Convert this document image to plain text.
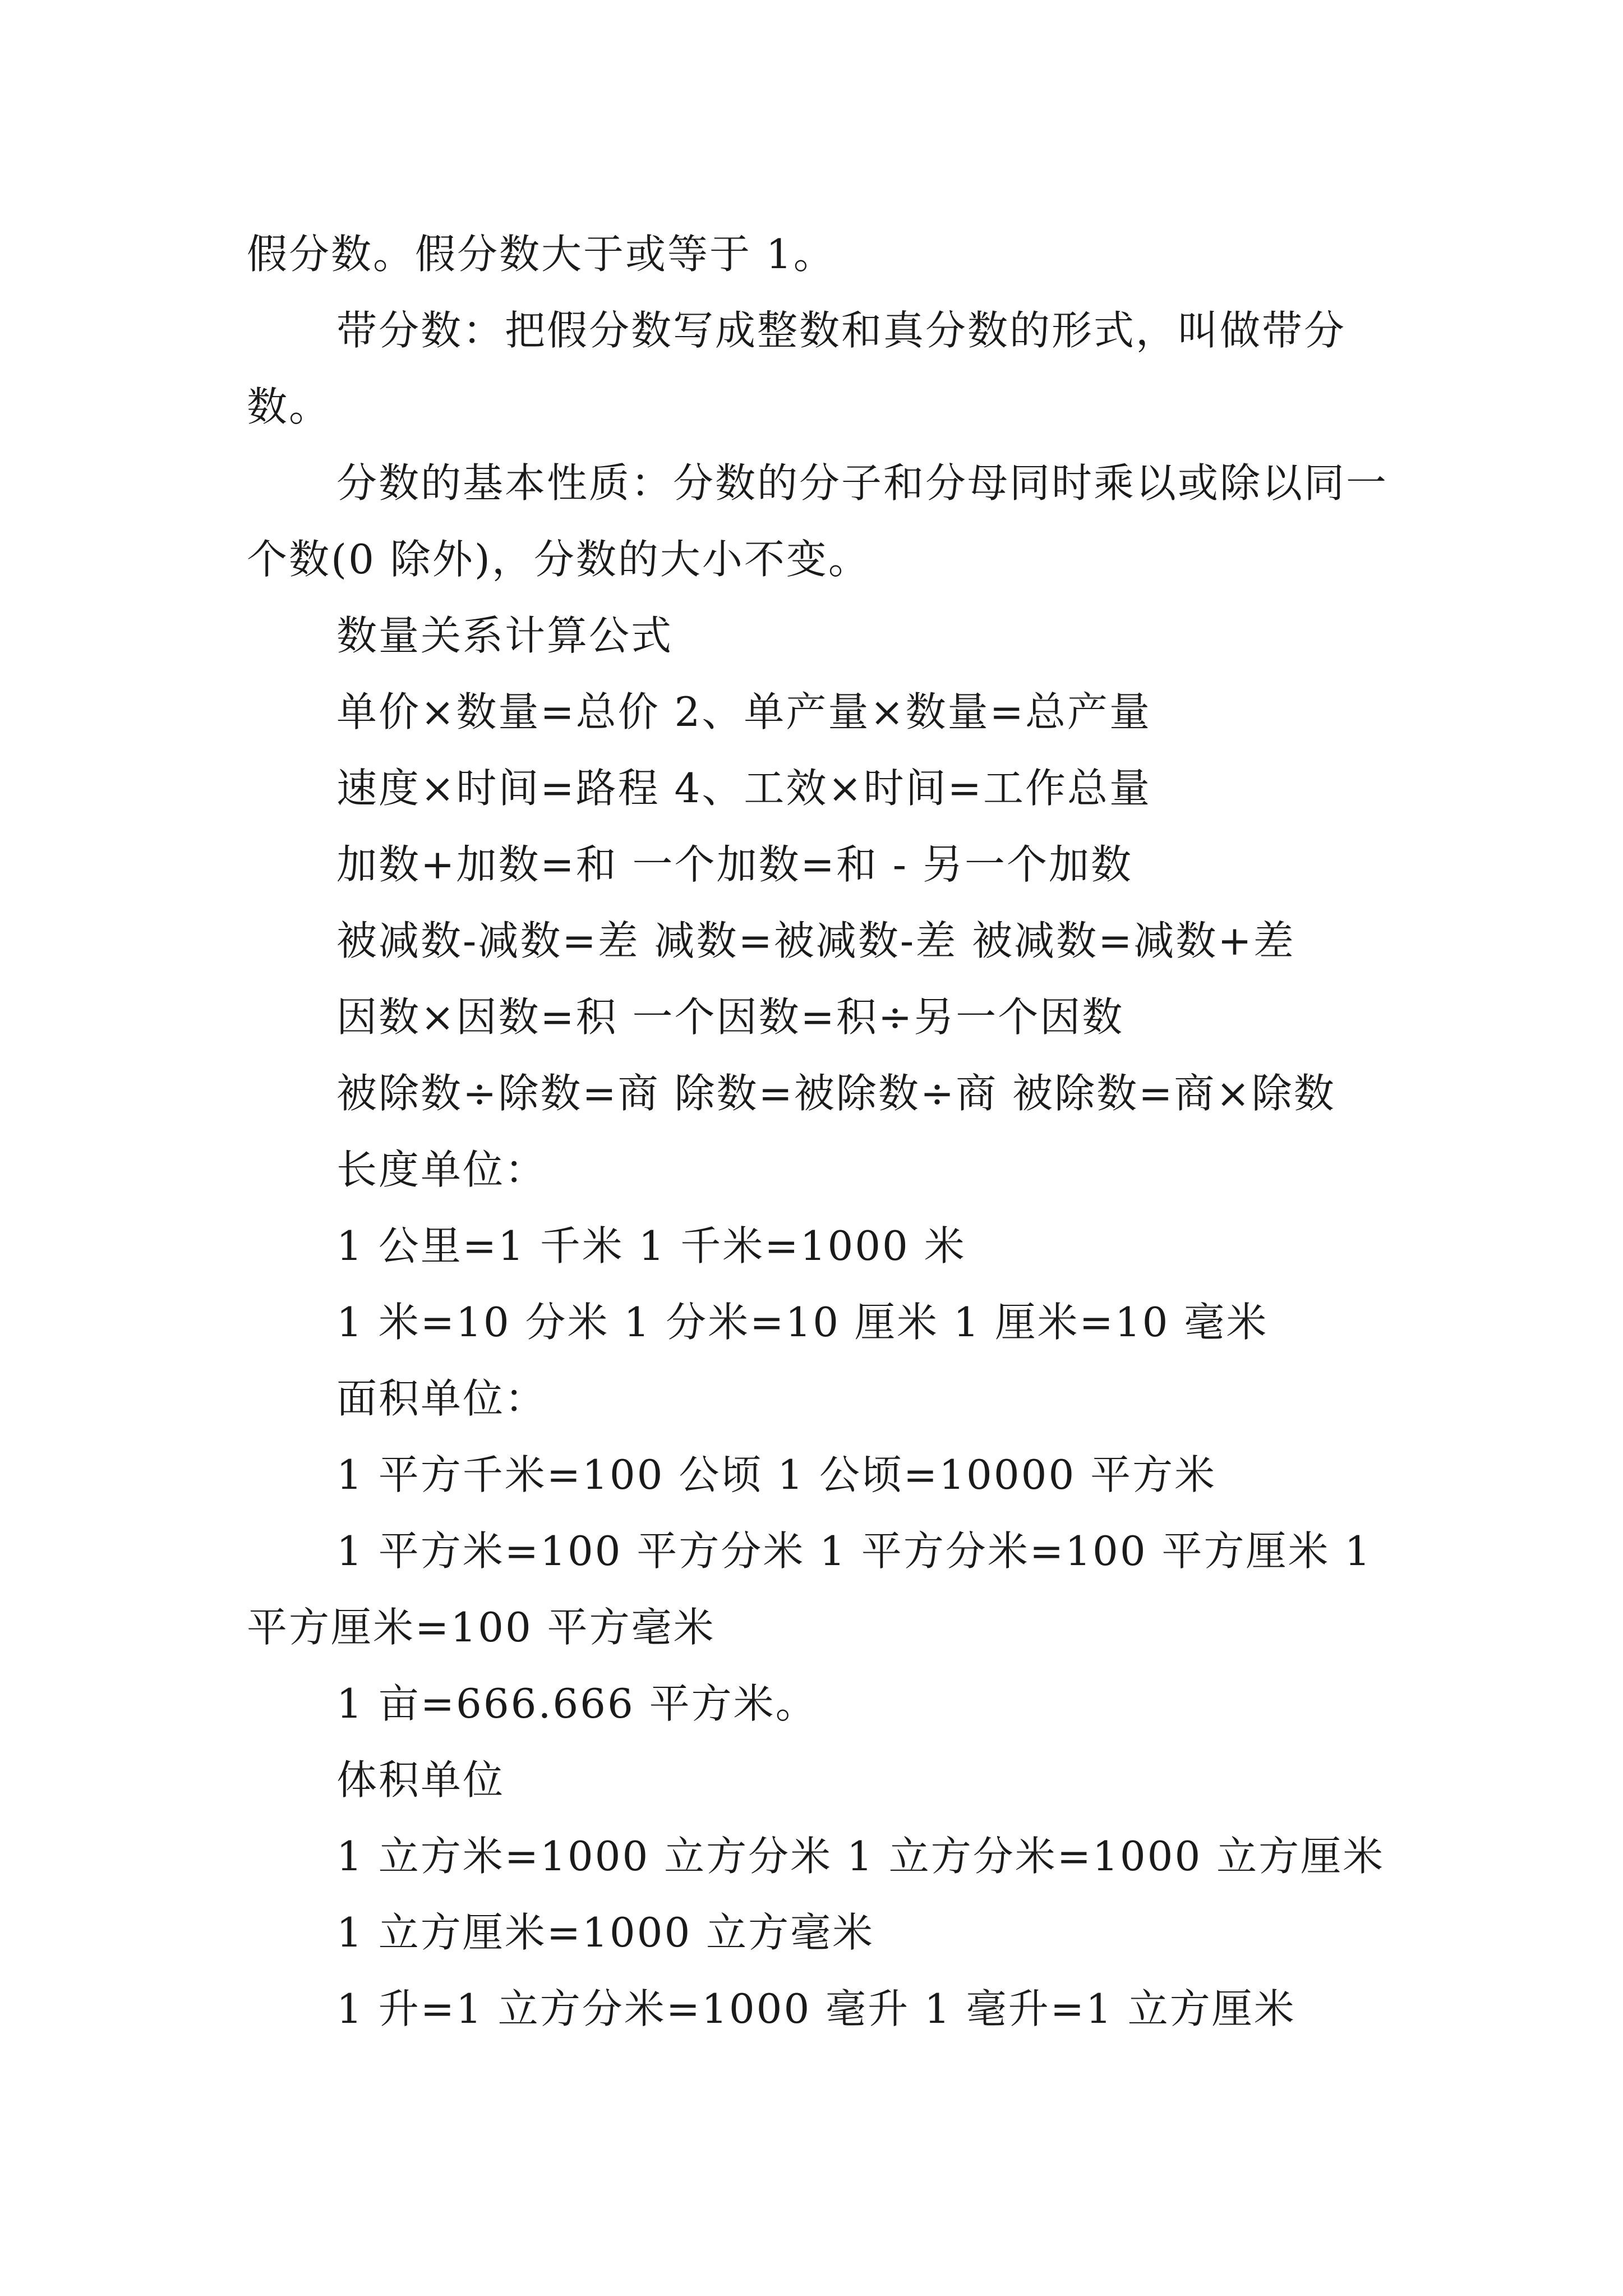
假分数。假分数大于或等于 1。

带分数：把假分数写成整数和真分数的形式，叫做带分数。

分数的基本性质：分数的分子和分母同时乘以或除以同一个数(0 除外)，分数的大小不变。

数量关系计算公式

单价×数量=总价 2、单产量×数量=总产量

速度×时间=路程 4、工效×时间=工作总量

加数+加数=和 一个加数=和 - 另一个加数

被减数-减数=差 减数=被减数-差 被减数=减数+差

因数×因数=积 一个因数=积÷另一个因数

被除数÷除数=商 除数=被除数÷商 被除数=商×除数

长度单位：

1 公里=1 千米 1 千米=1000 米

1 米=10 分米 1 分米=10 厘米 1 厘米=10 毫米

面积单位：

1 平方千米=100 公顷 1 公顷=10000 平方米

1 平方米=100 平方分米 1 平方分米=100 平方厘米 1 平方厘米=100 平方毫米

1 亩=666.666 平方米。

体积单位

1 立方米=1000 立方分米 1 立方分米=1000 立方厘米

1 立方厘米=1000 立方毫米

1 升=1 立方分米=1000 毫升 1 毫升=1 立方厘米
